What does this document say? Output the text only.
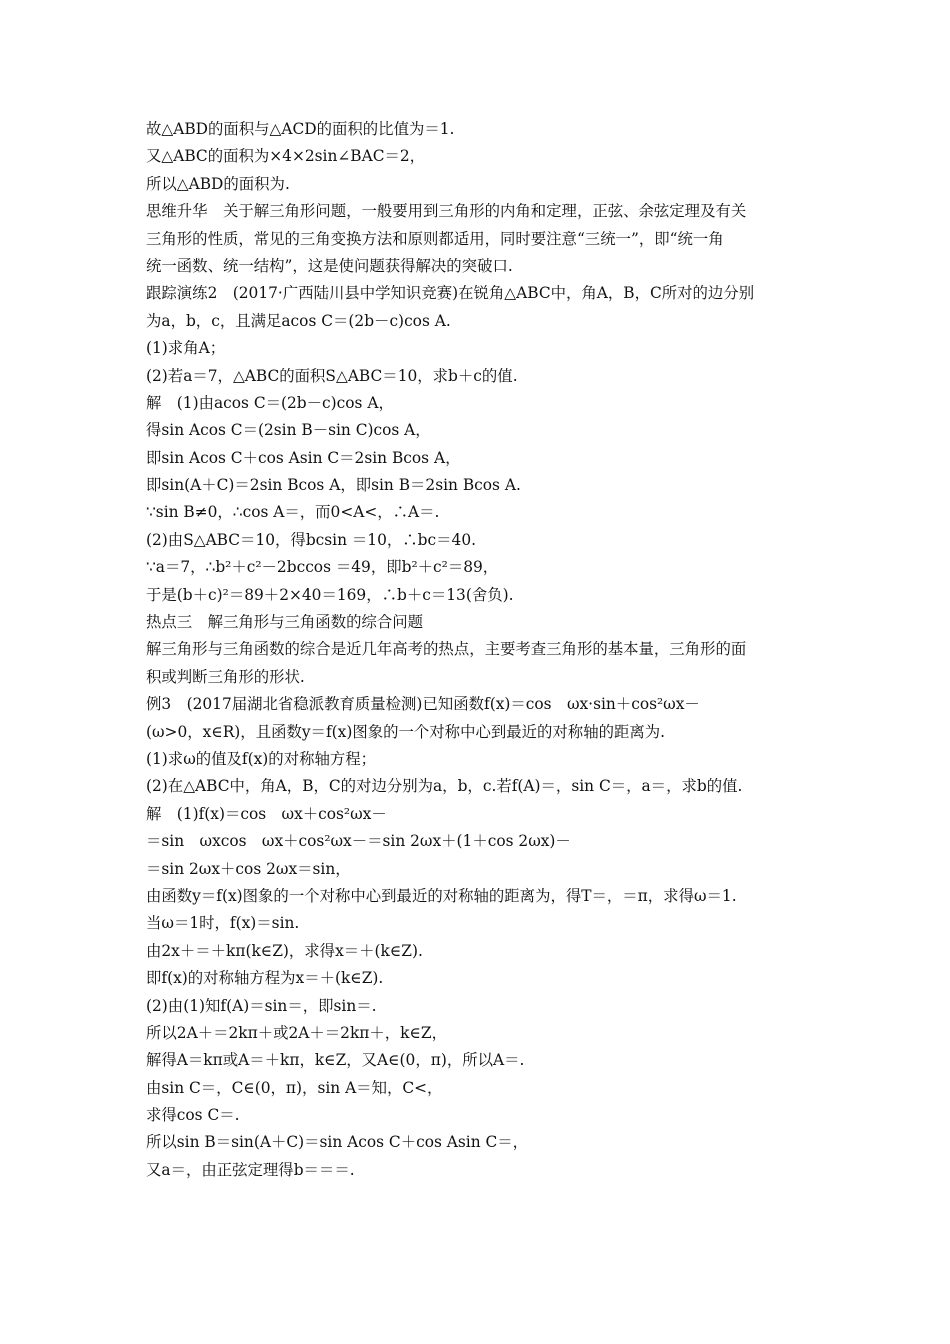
故△ABD的面积与△ACD的面积的比值为＝1.
又△ABC的面积为×4×2sin∠BAC＝2，
所以△ABD的面积为.
思维升华　关于解三角形问题，一般要用到三角形的内角和定理，正弦、余弦定理及有关
三角形的性质，常见的三角变换方法和原则都适用，同时要注意“三统一”，即“统一角
统一函数、统一结构”，这是使问题获得解决的突破口.
跟踪演练2　(2017·广西陆川县中学知识竞赛)在锐角△ABC中，角A，B，C所对的边分别
为a，b，c，且满足acos C＝(2b－c)cos A.
(1)求角A；
(2)若a＝7，△ABC的面积S△ABC＝10，求b＋c的值.
解　(1)由acos C＝(2b－c)cos A，
得sin Acos C＝(2sin B－sin C)cos A，
即sin Acos C＋cos Asin C＝2sin Bcos A，
即sin(A＋C)＝2sin Bcos A，即sin B＝2sin Bcos A.
∵sin B≠0，∴cos A＝，而0<A<，∴A＝.
(2)由S△ABC＝10，得bcsin ＝10，∴bc＝40.
∵a＝7，∴b²＋c²－2bccos ＝49，即b²＋c²＝89，
于是(b＋c)²＝89＋2×40＝169，∴b＋c＝13(舍负).
热点三　解三角形与三角函数的综合问题
解三角形与三角函数的综合是近几年高考的热点，主要考查三角形的基本量，三角形的面
积或判断三角形的形状.
例3　(2017届湖北省稳派教育质量检测)已知函数f(x)＝cos　ωx·sin＋cos²ωx－
(ω>0，x∈R)，且函数y＝f(x)图象的一个对称中心到最近的对称轴的距离为.
(1)求ω的值及f(x)的对称轴方程；
(2)在△ABC中，角A，B，C的对边分别为a，b，c.若f(A)＝，sin C＝，a＝，求b的值.
解　(1)f(x)＝cos　ωx＋cos²ωx－
＝sin　ωxcos　ωx＋cos²ωx－＝sin 2ωx＋(1＋cos 2ωx)－
＝sin 2ωx＋cos 2ωx＝sin，
由函数y＝f(x)图象的一个对称中心到最近的对称轴的距离为，得T＝，＝π，求得ω＝1.
当ω＝1时，f(x)＝sin.
由2x＋＝＋kπ(k∈Z)，求得x＝＋(k∈Z).
即f(x)的对称轴方程为x＝＋(k∈Z).
(2)由(1)知f(A)＝sin＝，即sin＝.
所以2A＋＝2kπ＋或2A＋＝2kπ＋，k∈Z，
解得A＝kπ或A＝＋kπ，k∈Z，又A∈(0，π)，所以A＝.
由sin C＝，C∈(0，π)，sin A＝知，C<，
求得cos C＝.
所以sin B＝sin(A＋C)＝sin Acos C＋cos Asin C＝，
又a＝，由正弦定理得b＝＝＝.
